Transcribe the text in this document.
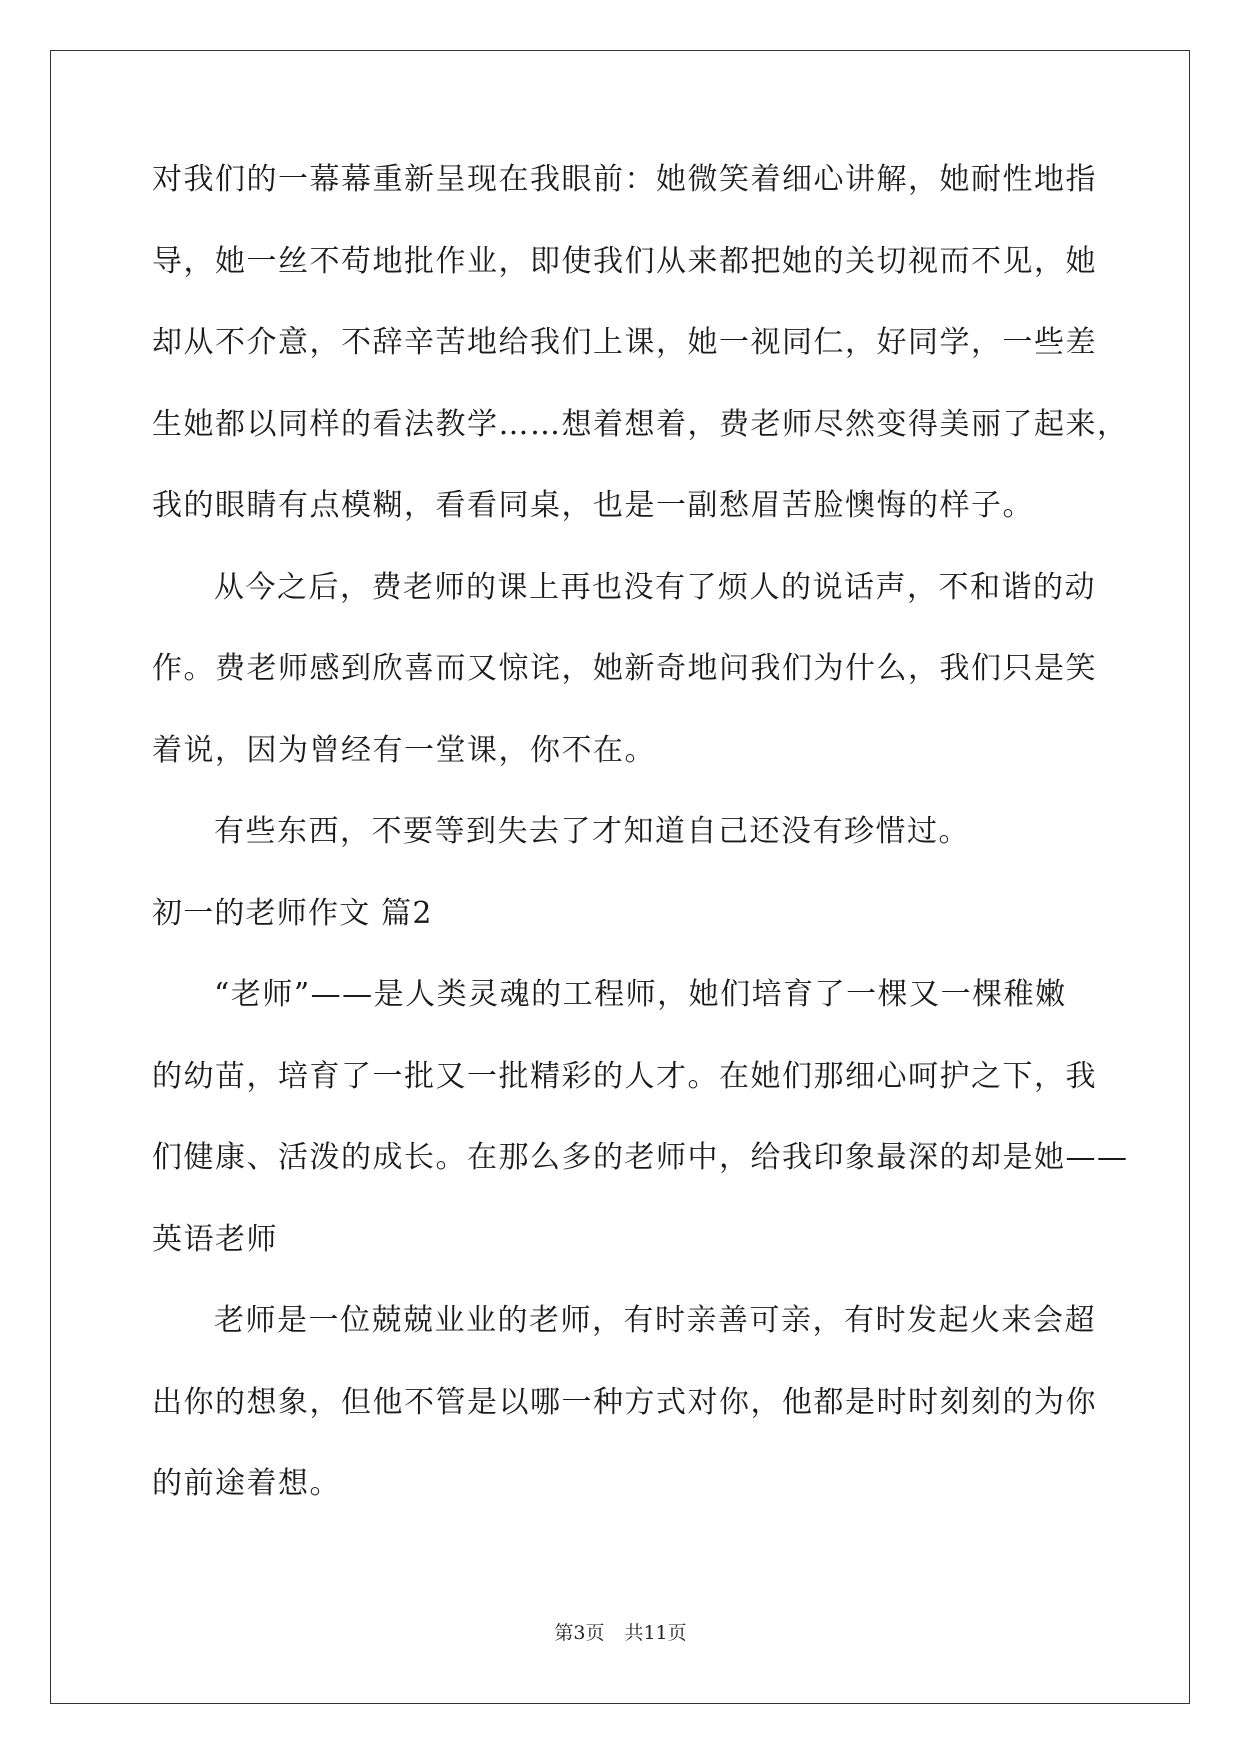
对我们的一幕幕重新呈现在我眼前：她微笑着细心讲解，她耐性地指
导，她一丝不苟地批作业，即使我们从来都把她的关切视而不见，她
却从不介意，不辞辛苦地给我们上课，她一视同仁，好同学，一些差
生她都以同样的看法教学……想着想着，费老师尽然变得美丽了起来，
我的眼睛有点模糊，看看同桌，也是一副愁眉苦脸懊悔的样子。
从今之后，费老师的课上再也没有了烦人的说话声，不和谐的动
作。费老师感到欣喜而又惊诧，她新奇地问我们为什么，我们只是笑
着说，因为曾经有一堂课，你不在。
有些东西，不要等到失去了才知道自己还没有珍惜过。
初一的老师作文 篇2
“老师”——是人类灵魂的工程师，她们培育了一棵又一棵稚嫩
的幼苗，培育了一批又一批精彩的人才。在她们那细心呵护之下，我
们健康、活泼的成长。在那么多的老师中，给我印象最深的却是她——
英语老师
老师是一位兢兢业业的老师，有时亲善可亲，有时发起火来会超
出你的想象，但他不管是以哪一种方式对你，他都是时时刻刻的为你
的前途着想。
第3页 共11页
